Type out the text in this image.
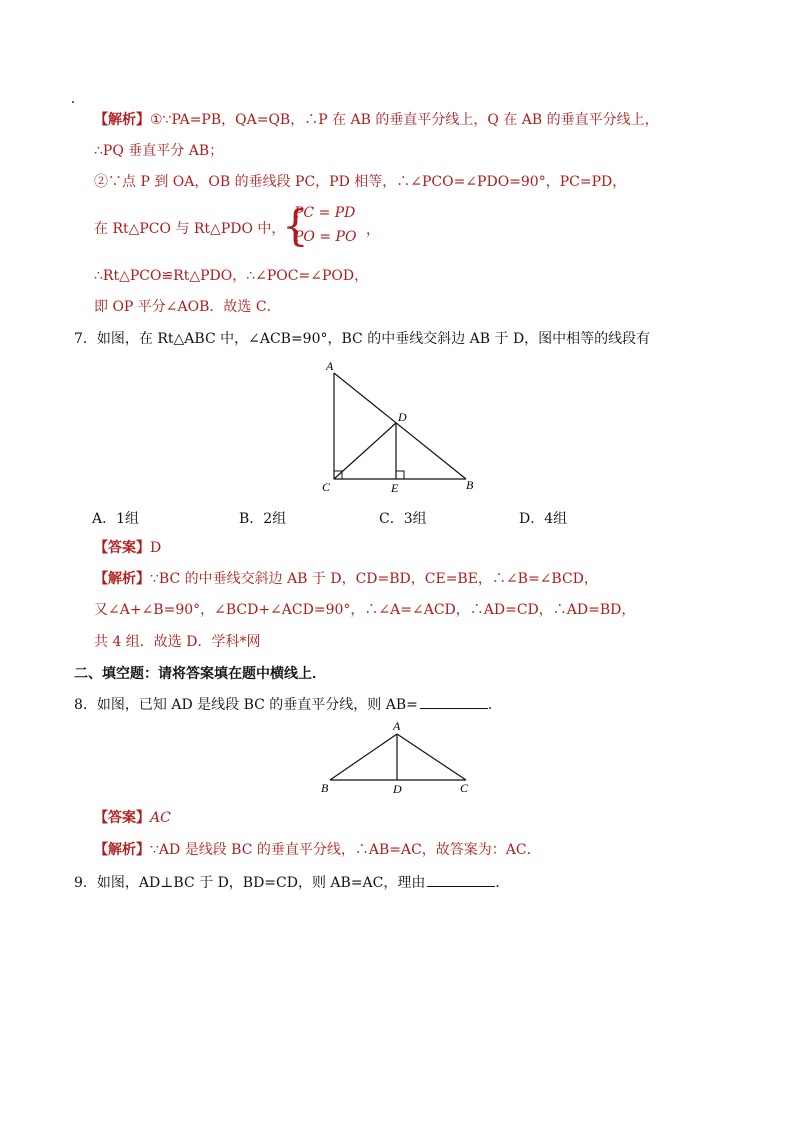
【解析】①∵PA=PB，QA=QB，∴P 在 AB 的垂直平分线上，Q 在 AB 的垂直平分线上，
∴PQ 垂直平分 AB；
②∵点 P 到 OA，OB 的垂线段 PC，PD 相等，∴∠PCO=∠PDO=90°，PC=PD，
在 Rt△PCO 与 Rt△PDO 中，
{
PC = PD
PO = PO ，
∴Rt△PCO≌Rt△PDO，∴∠POC=∠POD，
即 OP 平分∠AOB．故选 C．
7．如图，在 Rt△ABC 中，∠ACB=90°，BC 的中垂线交斜边 AB 于 D，图中相等的线段有
A
D
C	E	B
A．1组	B．2组	C．3组	D．4组
【答案】D
【解析】∵BC 的中垂线交斜边 AB 于 D，CD=BD，CE=BE，∴∠B=∠BCD，
又∠A+∠B=90°，∠BCD+∠ACD=90°，∴∠A=∠ACD，∴AD=CD，∴AD=BD，
共 4 组．故选 D．学科*网
二、填空题：请将答案填在题中横线上．
8．如图，已知 AD 是线段 BC 的垂直平分线，则 AB=	．
A
B	D	C
【答案】AC
【解析】∵AD 是线段 BC 的垂直平分线，∴AB=AC，故答案为：AC．
9．如图，AD⊥BC 于 D，BD=CD，则 AB=AC，理由	．
